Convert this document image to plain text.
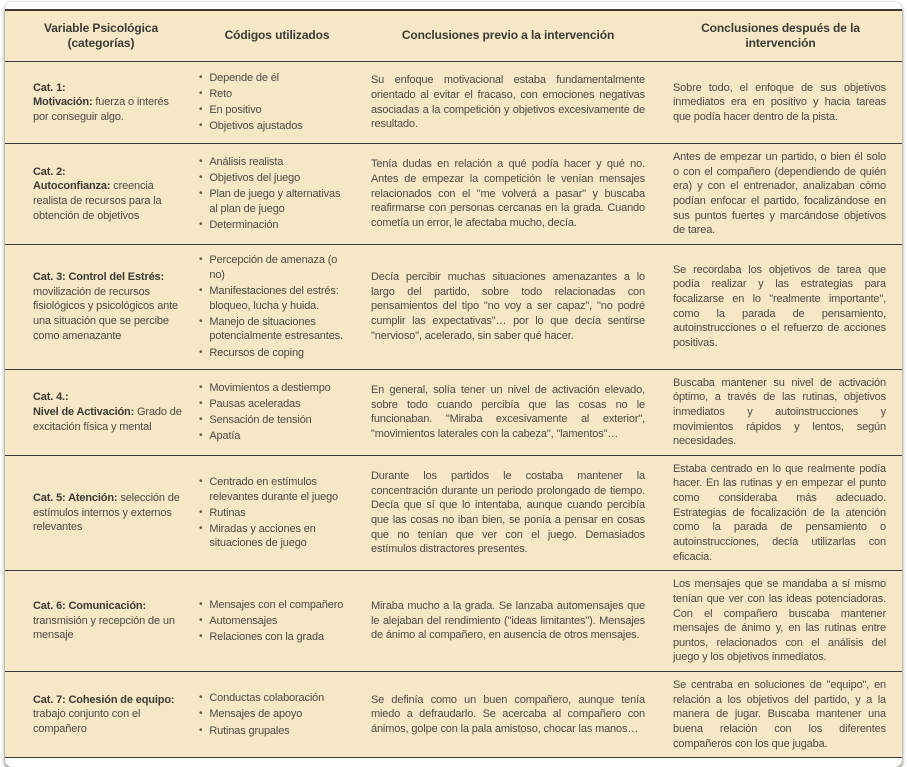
Variable Psicológica (categorías)
Códigos utilizados	Conclusiones previo a la intervención
Conclusiones después de la intervención
Cat. 1:
Motivación: fuerza o interés por conseguir algo.
• Depende de él
• Reto
• En positivo
• Objetivos ajustados
Su enfoque motivacional estaba fundamentalmente orientado al evitar el fracaso, con emociones negativas asociadas a la competición y objetivos excesivamente de resultado.
Sobre todo, el enfoque de sus objetivos inmediatos era en positivo y hacia tareas que podía hacer dentro de la pista.
Cat. 2:
Autoconfianza: creencia realista de recursos para la obtención de objetivos
• Análisis realista
• Objetivos del juego
• Plan de juego y alternativas al plan de juego
• Determinación
Tenía dudas en relación a qué podía hacer y qué no. Antes de empezar la competición le venían mensajes relacionados con el "me volverá a pasar" y buscaba reafirmarse con personas cercanas en la grada. Cuando cometía un error, le afectaba mucho, decía.
Antes de empezar un partido, o bien él solo o con el compañero (dependiendo de quién era) y con el entrenador, analizaban cómo podían enfocar el partido, focalizándose en sus puntos fuertes y marcándose objetivos de tarea.
Cat. 3: Control del Estrés: movilización de recursos fisiológicos y psicológicos ante una situación que se percibe como amenazante
• Percepción de amenaza (o no)
• Manifestaciones del estrés: bloqueo, lucha y huida.
• Manejo de situaciones potencialmente estresantes.
• Recursos de coping
Decía percibir muchas situaciones amenazantes a lo largo del partido, sobre todo relacionadas con pensamientos del tipo "no voy a ser capaz", "no podré cumplir las expectativas"… por lo que decía sentirse "nervioso", acelerado, sin saber qué hacer.
Se recordaba los objetivos de tarea que podía realizar y las estrategias para focalizarse en lo "realmente importante", como la parada de pensamiento, autoinstrucciones o el refuerzo de acciones positivas.
Cat. 4.:
Nivel de Activación: Grado de excitación física y mental
• Movimientos a destiempo
• Pausas aceleradas
• Sensación de tensión
• Apatía
En general, solía tener un nivel de activación elevado, sobre todo cuando percibía que las cosas no le funcionaban. "Miraba excesivamente al exterior", "movimientos laterales con la cabeza", "lamentos"…
Buscaba mantener su nivel de activación óptimo, a través de las rutinas, objetivos inmediatos y autoinstrucciones y movimientos rápidos y lentos, según necesidades.
Cat. 5: Atención: selección de estímulos internos y externos relevantes
• Centrado en estímulos relevantes durante el juego
• Rutinas
• Miradas y acciones en situaciones de juego
Durante los partidos le costaba mantener la concentración durante un periodo prolongado de tiempo. Decía que sí que lo intentaba, aunque cuando percibía que las cosas no iban bien, se ponía a pensar en cosas que no tenían que ver con el juego. Demasiados estímulos distractores presentes.
Estaba centrado en lo que realmente podía hacer. En las rutinas y en empezar el punto como consideraba más adecuado. Estrategias de focalización de la atención como la parada de pensamiento o autoinstrucciones, decía utilizarlas con eficacia.
Cat. 6: Comunicación: transmisión y recepción de un mensaje
• Mensajes con el compañero
• Automensajes
• Relaciones con la grada
Miraba mucho a la grada. Se lanzaba automensajes que le alejaban del rendimiento ("ideas limitantes"). Mensajes de ánimo al compañero, en ausencia de otros mensajes.
Los mensajes que se mandaba a sí mismo tenían que ver con las ideas potenciadoras. Con el compañero buscaba mantener mensajes de ánimo y, en las rutinas entre puntos, relacionados con el análisis del juego y los objetivos inmediatos.
Cat. 7: Cohesión de equipo: trabajo conjunto con el compañero
• Conductas colaboración
• Mensajes de apoyo
• Rutinas grupales
Se definía como un buen compañero, aunque tenía miedo a defraudarlo. Se acercaba al compañero con ánimos, golpe con la pala amistoso, chocar las manos…
Se centraba en soluciones de "equipo", en relación a los objetivos del partido, y a la manera de jugar. Buscaba mantener una buena relación con los diferentes compañeros con los que jugaba.
